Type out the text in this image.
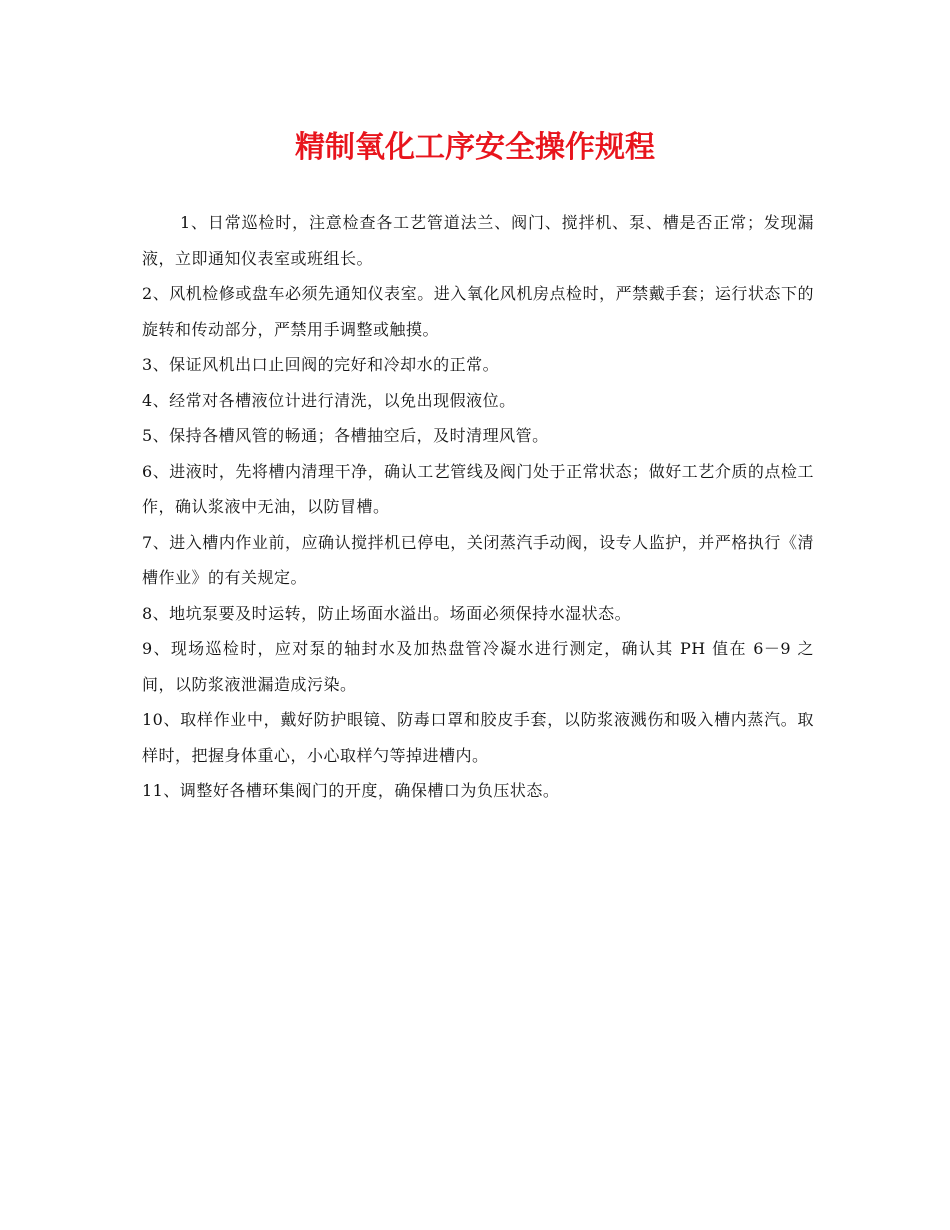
精制氧化工序安全操作规程

1、日常巡检时，注意检查各工艺管道法兰、阀门、搅拌机、泵、槽是否正常；发现漏液，立即通知仪表室或班组长。

2、风机检修或盘车必须先通知仪表室。进入氧化风机房点检时，严禁戴手套；运行状态下的旋转和传动部分，严禁用手调整或触摸。

3、保证风机出口止回阀的完好和冷却水的正常。

4、经常对各槽液位计进行清洗，以免出现假液位。

5、保持各槽风管的畅通；各槽抽空后，及时清理风管。

6、进液时，先将槽内清理干净，确认工艺管线及阀门处于正常状态；做好工艺介质的点检工作，确认浆液中无油，以防冒槽。

7、进入槽内作业前，应确认搅拌机已停电，关闭蒸汽手动阀，设专人监护，并严格执行《清槽作业》的有关规定。

8、地坑泵要及时运转，防止场面水溢出。场面必须保持水湿状态。

9、现场巡检时，应对泵的轴封水及加热盘管冷凝水进行测定，确认其 PH 值在 6－9 之间，以防浆液泄漏造成污染。

10、取样作业中，戴好防护眼镜、防毒口罩和胶皮手套，以防浆液溅伤和吸入槽内蒸汽。取样时，把握身体重心，小心取样勺等掉进槽内。

11、调整好各槽环集阀门的开度，确保槽口为负压状态。
